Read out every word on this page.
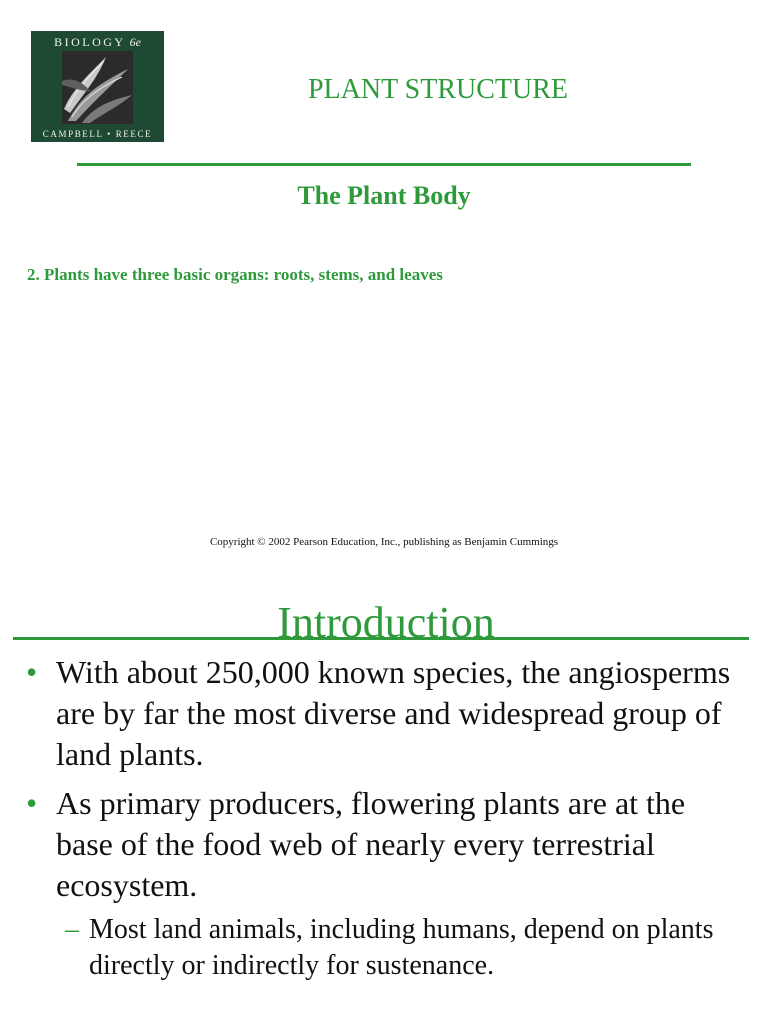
BIOLOGY 6e
CAMPBELL • REECE
PLANT STRUCTURE
The Plant Body
2. Plants have three basic organs: roots, stems, and leaves
Copyright © 2002 Pearson Education, Inc., publishing as Benjamin Cummings
Introduction
• With about 250,000 known species, the angiosperms are by far the most diverse and widespread group of land plants.
• As primary producers, flowering plants are at the base of the food web of nearly every terrestrial ecosystem.
– Most land animals, including humans, depend on plants directly or indirectly for sustenance.
